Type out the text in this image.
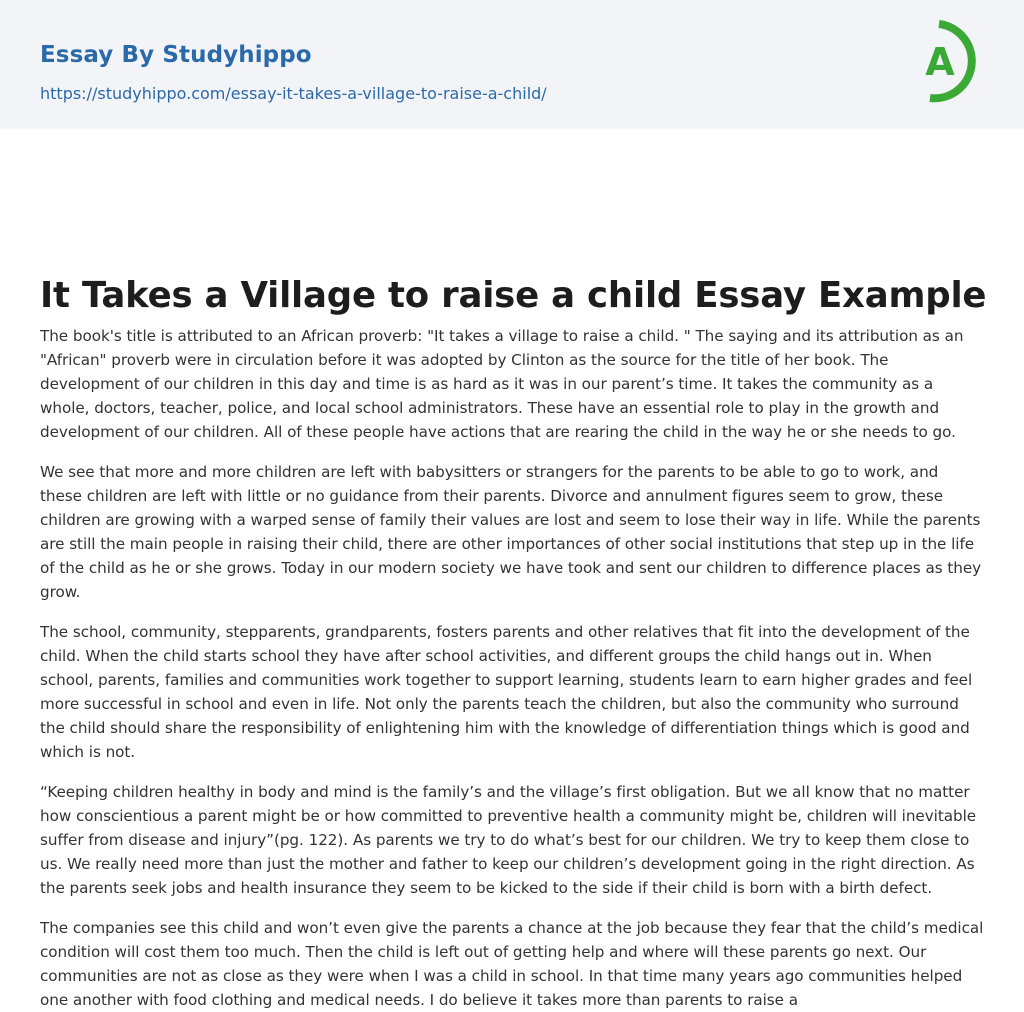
Essay By Studyhippo
https://studyhippo.com/essay-it-takes-a-village-to-raise-a-child/
A
It Takes a Village to raise a child Essay Example

The book's title is attributed to an African proverb: "It takes a village to raise a child. " The saying and its attribution as an "African" proverb were in circulation before it was adopted by Clinton as the source for the title of her book. The development of our children in this day and time is as hard as it was in our parent’s time. It takes the community as a whole, doctors, teacher, police, and local school administrators. These have an essential role to play in the growth and development of our children. All of these people have actions that are rearing the child in the way he or she needs to go.

We see that more and more children are left with babysitters or strangers for the parents to be able to go to work, and these children are left with little or no guidance from their parents. Divorce and annulment figures seem to grow, these children are growing with a warped sense of family their values are lost and seem to lose their way in life. While the parents are still the main people in raising their child, there are other importances of other social institutions that step up in the life of the child as he or she grows. Today in our modern society we have took and sent our children to difference places as they grow.

The school, community, stepparents, grandparents, fosters parents and other relatives that fit into the development of the child. When the child starts school they have after school activities, and different groups the child hangs out in. When school, parents, families and communities work together to support learning, students learn to earn higher grades and feel more successful in school and even in life. Not only the parents teach the children, but also the community who surround the child should share the responsibility of enlightening him with the knowledge of differentiation things which is good and which is not.

“Keeping children healthy in body and mind is the family’s and the village’s first obligation. But we all know that no matter how conscientious a parent might be or how committed to preventive health a community might be, children will inevitable suffer from disease and injury”(pg. 122). As parents we try to do what’s best for our children. We try to keep them close to us. We really need more than just the mother and father to keep our children’s development going in the right direction. As the parents seek jobs and health insurance they seem to be kicked to the side if their child is born with a birth defect.

The companies see this child and won’t even give the parents a chance at the job because they fear that the child’s medical condition will cost them too much. Then the child is left out of getting help and where will these parents go next. Our communities are not as close as they were when I was a child in school. In that time many years ago communities helped one another with food clothing and medical needs. I do believe it takes more than parents to raise a
